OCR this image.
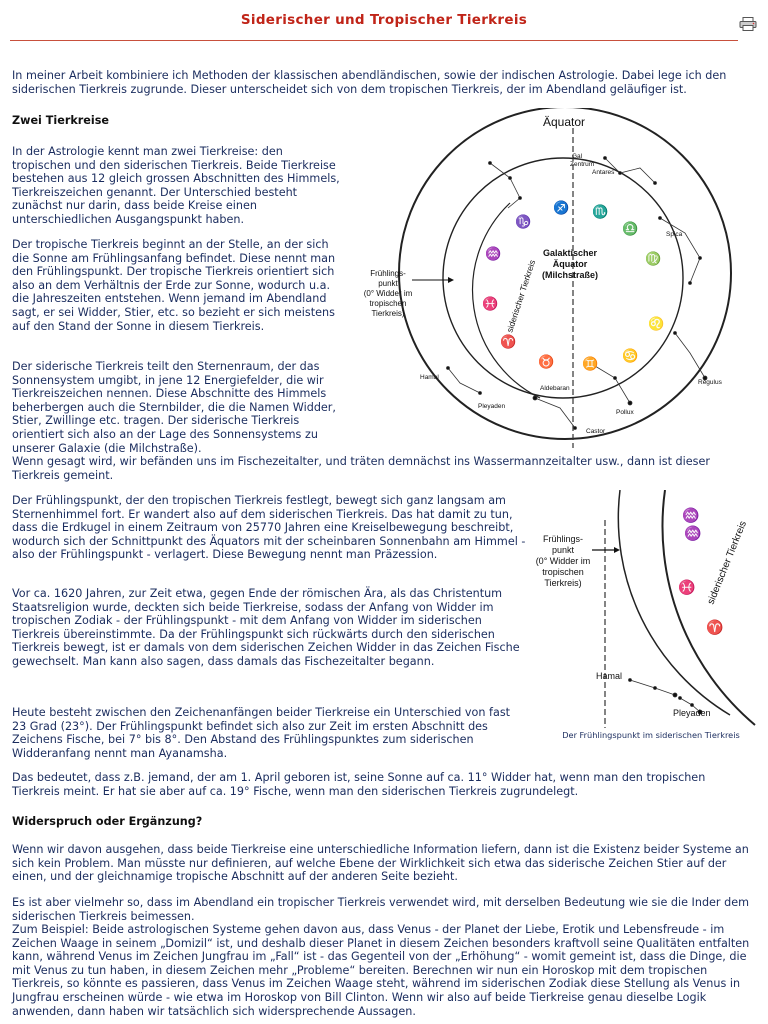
Siderischer und Tropischer Tierkreis

In meiner Arbeit kombiniere ich Methoden der klassischen abendländischen, sowie der indischen Astrologie. Dabei lege ich den siderischen Tierkreis zugrunde. Dieser unterscheidet sich von dem tropischen Tierkreis, der im Abendland geläufiger ist.

Zwei Tierkreise

In der Astrologie kennt man zwei Tierkreise: den tropischen und den siderischen Tierkreis. Beide Tierkreise bestehen aus 12 gleich grossen Abschnitten des Himmels, Tierkreiszeichen genannt. Der Unterschied besteht zunächst nur darin, dass beide Kreise einen unterschiedlichen Ausgangspunkt haben.

Der tropische Tierkreis beginnt an der Stelle, an der sich die Sonne am Frühlingsanfang befindet. Diese nennt man den Frühlingspunkt. Der tropische Tierkreis orientiert sich also an dem Verhältnis der Erde zur Sonne, wodurch u.a. die Jahreszeiten entstehen. Wenn jemand im Abendland sagt, er sei Widder, Stier, etc. so bezieht er sich meistens auf den Stand der Sonne in diesem Tierkreis.

Der siderische Tierkreis teilt den Sternenraum, der das Sonnensystem umgibt, in jene 12 Energiefelder, die wir Tierkreiszeichen nennen. Diese Abschnitte des Himmels beherbergen auch die Sternbilder, die die Namen Widder, Stier, Zwillinge etc. tragen. Der siderische Tierkreis orientiert sich also an der Lage des Sonnensystems zu unserer Galaxie (die Milchstraße).

Wenn gesagt wird, wir befänden uns im Fischezeitalter, und träten demnächst ins Wassermannzeitalter usw., dann ist dieser Tierkreis gemeint.

Der Frühlingspunkt, der den tropischen Tierkreis festlegt, bewegt sich ganz langsam am Sternenhimmel fort. Er wandert also auf dem siderischen Tierkreis. Das hat damit zu tun, dass die Erdkugel in einem Zeitraum von 25770 Jahren eine Kreiselbewegung beschreibt, wodurch sich der Schnittpunkt des Äquators mit der scheinbaren Sonnenbahn am Himmel - also der Frühlingspunkt - verlagert. Diese Bewegung nennt man Präzession.

Vor ca. 1620 Jahren, zur Zeit etwa, gegen Ende der römischen Ära, als das Christentum Staatsreligion wurde, deckten sich beide Tierkreise, sodass der Anfang von Widder im tropischen Zodiak - der Frühlingspunkt - mit dem Anfang von Widder im siderischen Tierkreis übereinstimmte. Da der Frühlingspunkt sich rückwärts durch den siderischen Tierkreis bewegt, ist er damals von dem siderischen Zeichen Widder in das Zeichen Fische gewechselt. Man kann also sagen, dass damals das Fischezeitalter begann.

Heute besteht zwischen den Zeichenanfängen beider Tierkreise ein Unterschied von fast 23 Grad (23°). Der Frühlingspunkt befindet sich also zur Zeit im ersten Abschnitt des Zeichens Fische, bei 7° bis 8°. Den Abstand des Frühlingspunktes zum siderischen Widderanfang nennt man Ayanamsha.

Das bedeutet, dass z.B. jemand, der am 1. April geboren ist, seine Sonne auf ca. 11° Widder hat, wenn man den tropischen Tierkreis meint. Er hat sie aber auf ca. 19° Fische, wenn man den siderischen Tierkreis zugrundelegt.

Widerspruch oder Ergänzung?

Wenn wir davon ausgehen, dass beide Tierkreise eine unterschiedliche Information liefern, dann ist die Existenz beider Systeme an sich kein Problem. Man müsste nur definieren, auf welche Ebene der Wirklichkeit sich etwa das siderische Zeichen Stier auf der einen, und der gleichnamige tropische Abschnitt auf der anderen Seite bezieht.

Es ist aber vielmehr so, dass im Abendland ein tropischer Tierkreis verwendet wird, mit derselben Bedeutung wie sie die Inder dem siderischen Tierkreis beimessen.

Zum Beispiel: Beide astrologischen Systeme gehen davon aus, dass Venus - der Planet der Liebe, Erotik und Lebensfreude - im Zeichen Waage in seinem „Domizil“ ist, und deshalb dieser Planet in diesem Zeichen besonders kraftvoll seine Qualitäten entfalten kann, während Venus im Zeichen Jungfrau im „Fall“ ist - das Gegenteil von der „Erhöhung“ - womit gemeint ist, dass die Dinge, die mit Venus zu tun haben, in diesem Zeichen mehr „Probleme“ bereiten. Berechnen wir nun ein Horoskop mit dem tropischen Tierkreis, so könnte es passieren, dass Venus im Zeichen Waage steht, während im siderischen Zodiak diese Stellung als Venus in Jungfrau erscheinen würde - wie etwa im Horoskop von Bill Clinton. Wenn wir also auf beide Tierkreise genau dieselbe Logik anwenden, dann haben wir tatsächlich sich widersprechende Aussagen.

Äquator
♐ ♏
♑	♎
♒	♍
♓
♌
♈
♉ ♊
♋
Galaktischer
Äquator
(Milchstraße)
siderischer Tierkreis
Frühlings-
punkt
(0° Widder im
tropischen
Tierkreis)
Gal
Zentrum
Antares
Spica
Regulus
Hamal
Aldebaran
Pleyaden
Pollux
Castor
siderischer Tierkreis
Frühlings-
punkt
(0° Widder im
tropischen
Tierkreis)
♒
♒
♓
♈
Hamal
Pleyaden
Der Frühlingspunkt im siderischen Tierkreis
